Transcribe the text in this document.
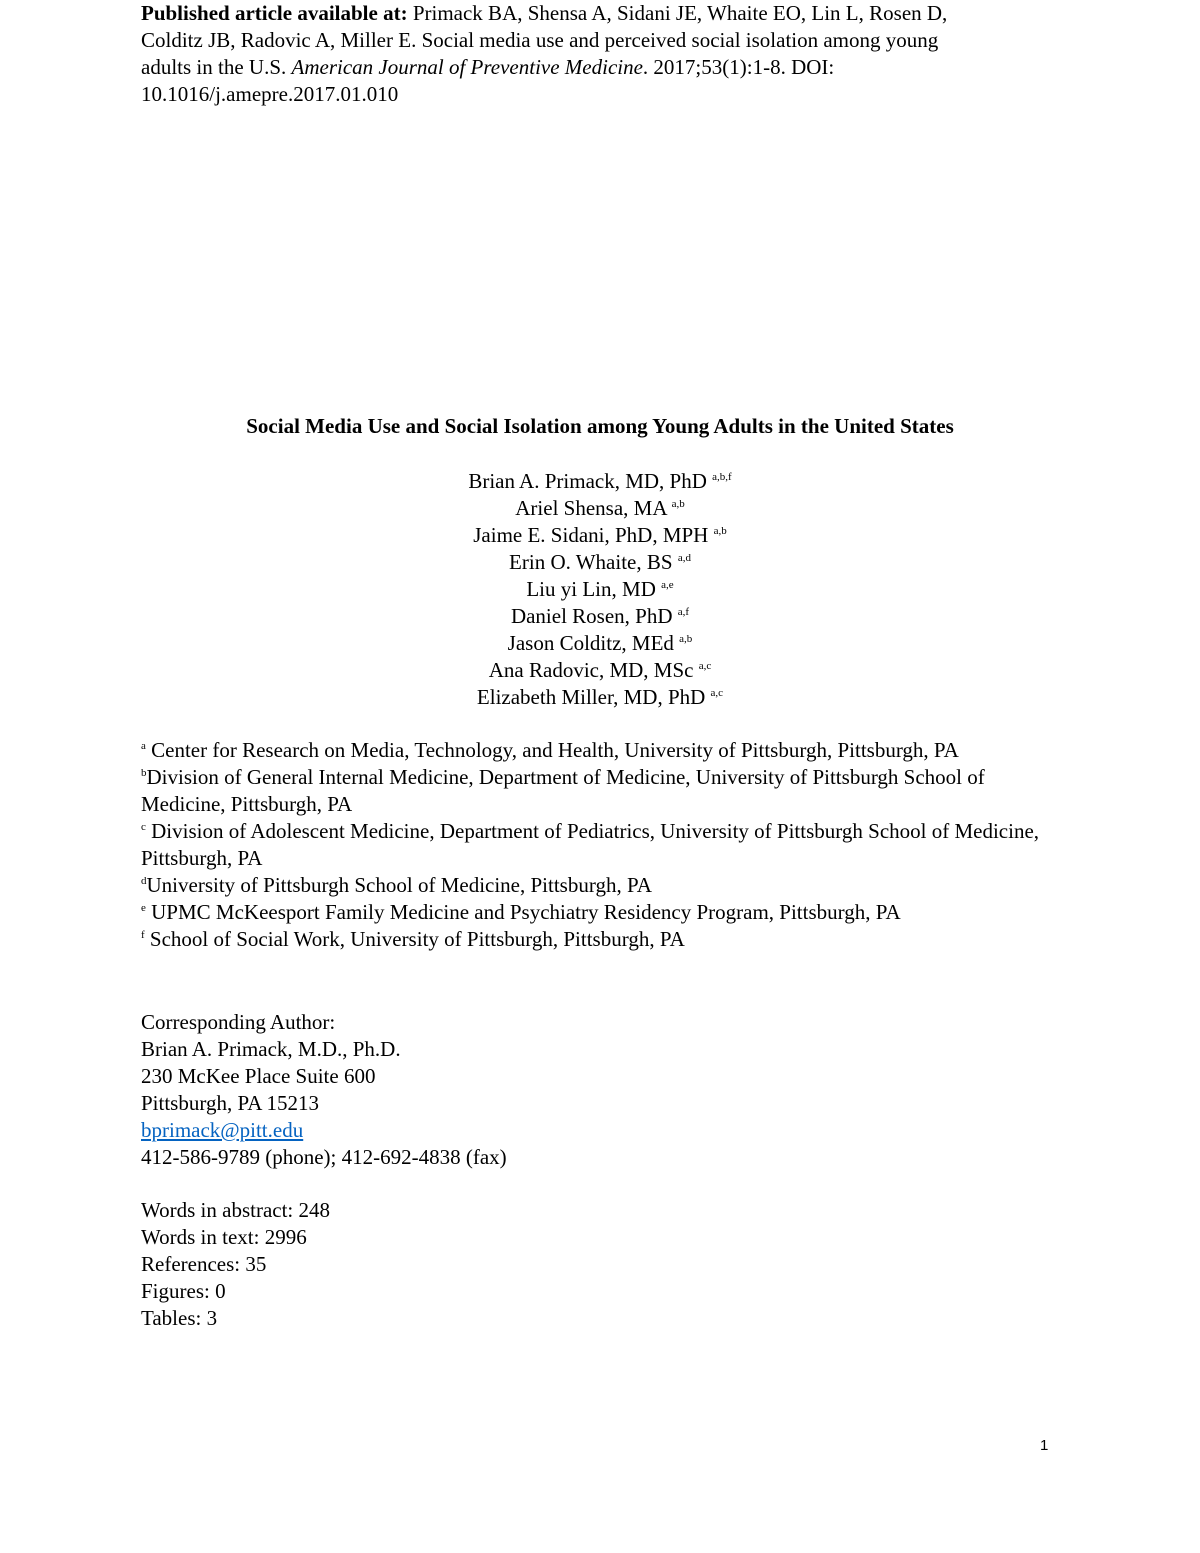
Published article available at: Primack BA, Shensa A, Sidani JE, Whaite EO, Lin L, Rosen D,

Colditz JB, Radovic A, Miller E. Social media use and perceived social isolation among young

adults in the U.S. American Journal of Preventive Medicine. 2017;53(1):1-8. DOI:

10.1016/j.amepre.2017.01.010

Social Media Use and Social Isolation among Young Adults in the United States
Brian A. Primack, MD, PhD $^{a,b,f}$
Ariel Shensa, MA $^{a,b}$
Jaime E. Sidani, PhD, MPH $^{a,b}$
Erin O. Whaite, BS $^{a,d}$
Liu yi Lin, MD $^{a,e}$
Daniel Rosen, PhD $^{a,f}$
Jason Colditz, MEd $^{a,b}$
Ana Radovic, MD, MSc $^{a,c}$
Elizabeth Miller, MD, PhD $^{a,c}$
$^a$ Center for Research on Media, Technology, and Health, University of Pittsburgh, Pittsburgh, PA
$^b$Division of General Internal Medicine, Department of Medicine, University of Pittsburgh School of Medicine, Pittsburgh, PA
$^c$ Division of Adolescent Medicine, Department of Pediatrics, University of Pittsburgh School of Medicine, Pittsburgh, PA
$^d$University of Pittsburgh School of Medicine, Pittsburgh, PA
$^e$ UPMC McKeesport Family Medicine and Psychiatry Residency Program, Pittsburgh, PA
$^f$ School of Social Work, University of Pittsburgh, Pittsburgh, PA
Corresponding Author:
Brian A. Primack, M.D., Ph.D.
230 McKee Place Suite 600
Pittsburgh, PA 15213
bprimack@pitt.edu
412-586-9789 (phone); 412-692-4838 (fax)
Words in abstract: 248
Words in text: 2996
References: 35
Figures: 0
Tables: 3
1
